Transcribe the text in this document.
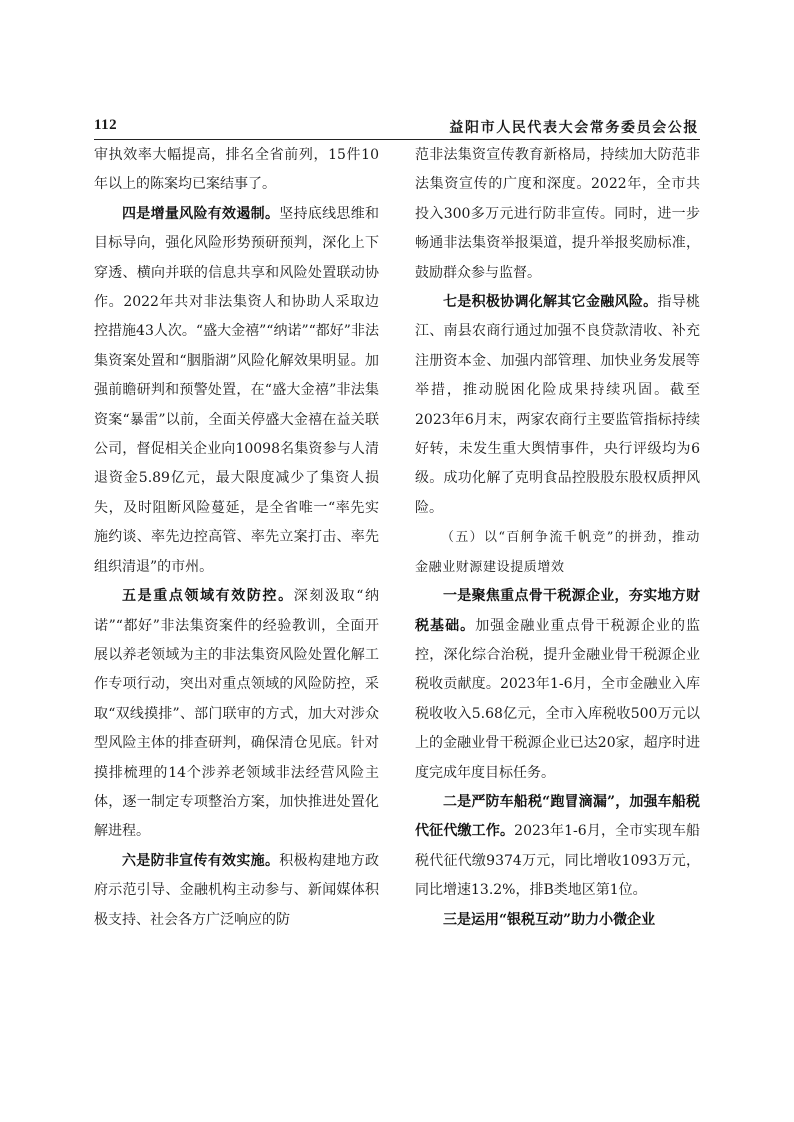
112	益阳市人民代表大会常务委员会公报

审执效率大幅提高，排名全省前列，15件10年以上的陈案均已案结事了。

四是增量风险有效遏制。坚持底线思维和目标导向，强化风险形势预研预判，深化上下穿透、横向并联的信息共享和风险处置联动协作。2022年共对非法集资人和协助人采取边控措施43人次。“盛大金禧”“纳诺”“都好”非法集资案处置和“胭脂湖”风险化解效果明显。加强前瞻研判和预警处置，在“盛大金禧”非法集资案“暴雷”以前，全面关停盛大金禧在益关联公司，督促相关企业向10098名集资参与人清退资金5.89亿元，最大限度减少了集资人损失，及时阻断风险蔓延，是全省唯一“率先实施约谈、率先边控高管、率先立案打击、率先组织清退”的市州。

五是重点领域有效防控。深刻汲取“纳诺”“都好”非法集资案件的经验教训，全面开展以养老领域为主的非法集资风险处置化解工作专项行动，突出对重点领域的风险防控，采取“双线摸排”、部门联审的方式，加大对涉众型风险主体的排查研判，确保清仓见底。针对摸排梳理的14个涉养老领域非法经营风险主体，逐一制定专项整治方案，加快推进处置化解进程。

六是防非宣传有效实施。积极构建地方政府示范引导、金融机构主动参与、新闻媒体积极支持、社会各方广泛响应的防

范非法集资宣传教育新格局，持续加大防范非法集资宣传的广度和深度。2022年，全市共投入300多万元进行防非宣传。同时，进一步畅通非法集资举报渠道，提升举报奖励标准，鼓励群众参与监督。

七是积极协调化解其它金融风险。指导桃江、南县农商行通过加强不良贷款清收、补充注册资本金、加强内部管理、加快业务发展等举措，推动脱困化险成果持续巩固。截至2023年6月末，两家农商行主要监管指标持续好转，未发生重大舆情事件，央行评级均为6级。成功化解了克明食品控股股东股权质押风险。

（五）以“百舸争流千帆竞”的拼劲，推动金融业财源建设提质增效

一是聚焦重点骨干税源企业，夯实地方财税基础。加强金融业重点骨干税源企业的监控，深化综合治税，提升金融业骨干税源企业税收贡献度。2023年1-6月，全市金融业入库税收收入5.68亿元，全市入库税收500万元以上的金融业骨干税源企业已达20家，超序时进度完成年度目标任务。

二是严防车船税“跑冒滴漏”，加强车船税代征代缴工作。2023年1-6月，全市实现车船税代征代缴9374万元，同比增收1093万元，同比增速13.2%，排B类地区第1位。

三是运用“银税互动”助力小微企业
